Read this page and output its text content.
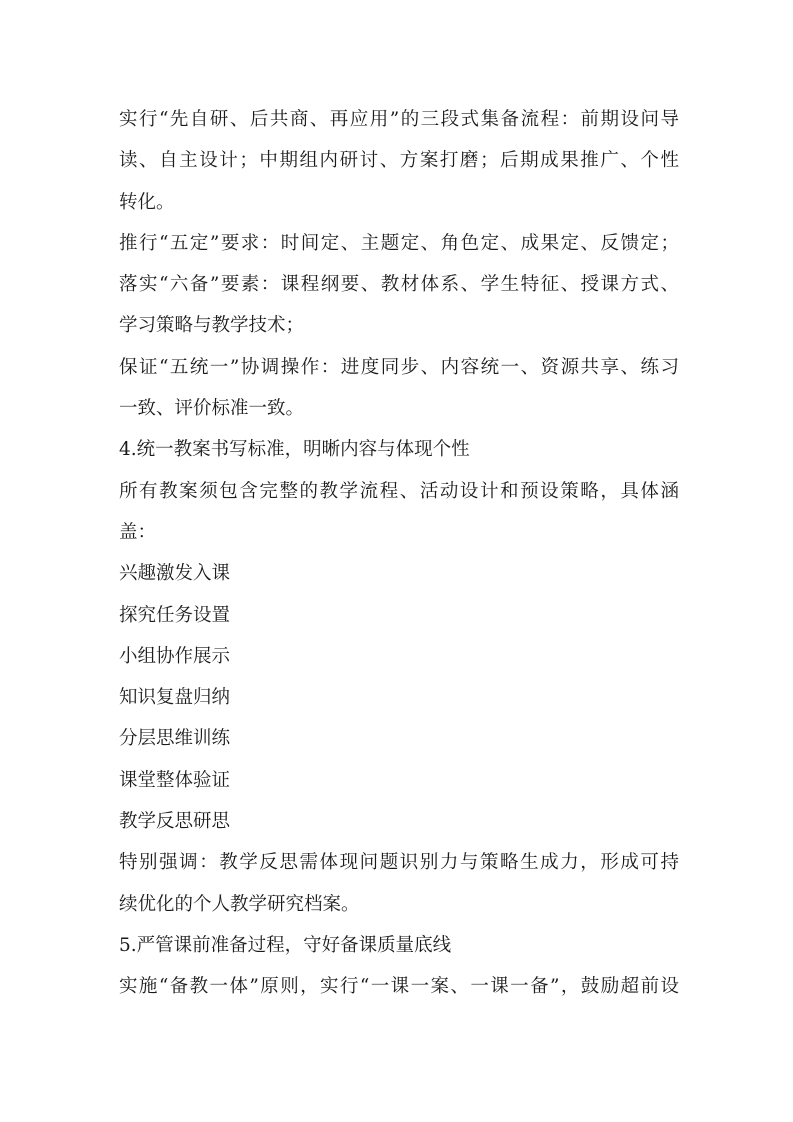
实行“先自研、后共商、再应用”的三段式集备流程：前期设问导
读、自主设计；中期组内研讨、方案打磨；后期成果推广、个性
转化。
推行“五定”要求：时间定、主题定、角色定、成果定、反馈定；
落实“六备”要素：课程纲要、教材体系、学生特征、授课方式、
学习策略与教学技术；
保证“五统一”协调操作：进度同步、内容统一、资源共享、练习
一致、评价标准一致。
4.统一教案书写标准，明晰内容与体现个性
所有教案须包含完整的教学流程、活动设计和预设策略，具体涵
盖：
兴趣激发入课
探究任务设置
小组协作展示
知识复盘归纳
分层思维训练
课堂整体验证
教学反思研思
特别强调：教学反思需体现问题识别力与策略生成力，形成可持
续优化的个人教学研究档案。
5.严管课前准备过程，守好备课质量底线
实施“备教一体”原则，实行“一课一案、一课一备”，鼓励超前设
